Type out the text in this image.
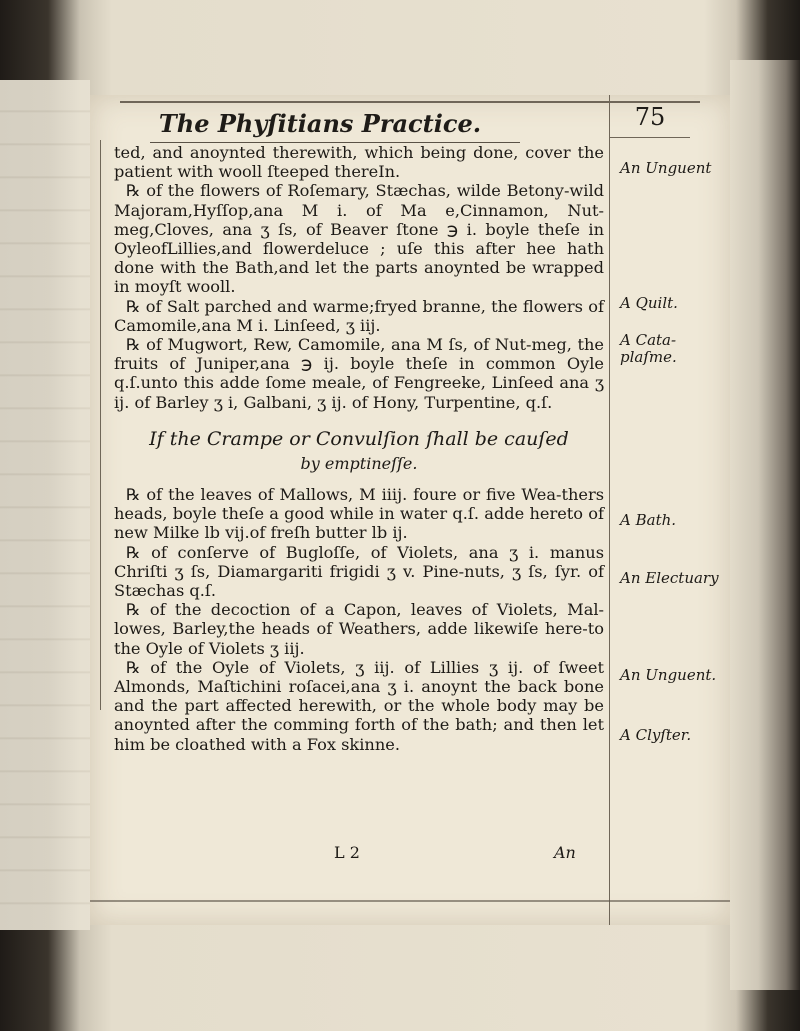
The Phyſitians Practice.	75

ted, and anoynted therewith, which being done, cover the patient with wooll ſteeped thereIn.

℞ of the flowers of Roſemary, Stæchas, wilde Betony-wild Majoram,Hyſſop,ana M i. of Ma e,Cinnamon, Nut-meg,Cloves, ana ʒ ſs, of Beaver ſtone ℈ i. boyle theſe in OyleofLillies,and flowerdeluce ; uſe this after hee hath done with the Bath,and let the parts anoynted be wrapped in moyſt wooll.

℞ of Salt parched and warme;fryed branne, the flowers of Camomile,ana M i. Linſeed, ʒ iij.

℞ of Mugwort, Rew, Camomile, ana M ſs, of Nut-meg, the fruits of Juniper,ana ℈ ij. boyle theſe in common Oyle q.ſ.unto this adde ſome meale, of Fengreeke, Linſeed ana ʒ ij. of Barley ʒ i, Galbani, ʒ ij. of Hony, Turpentine, q.ſ.

If the Crampe or Convulſion ſhall be cauſed

by emptineſſe.

℞ of the leaves of Mallows, M iiij. foure or five Wea-thers heads, boyle theſe a good while in water q.ſ. adde hereto of new Milke lb vij.of freſh butter lb ij.

℞ of conſerve of Bugloſſe, of Violets, ana ʒ i. manus Chriſti ʒ ſs, Diamargariti frigidi ʒ v. Pine-nuts, ʒ ſs, ſyr. of Stæchas q.ſ.

℞ of the decoction of a Capon, leaves of Violets, Mal-lowes, Barley,the heads of Weathers, adde likewiſe here-to the Oyle of Violets ʒ iij.

℞ of the Oyle of Violets, ʒ iij. of Lillies ʒ ij. of ſweet Almonds, Maſtichini roſacei,ana ʒ i. anoynt the back bone and the part affected herewith, or the whole body may be anoynted after the comming forth of the bath; and then let him be cloathed with a Fox skinne.

An Unguent
A Quilt.
A Cata-plaſme.
A Bath.
An Electuary
An Unguent.
A Clyſter.
L 2	An
